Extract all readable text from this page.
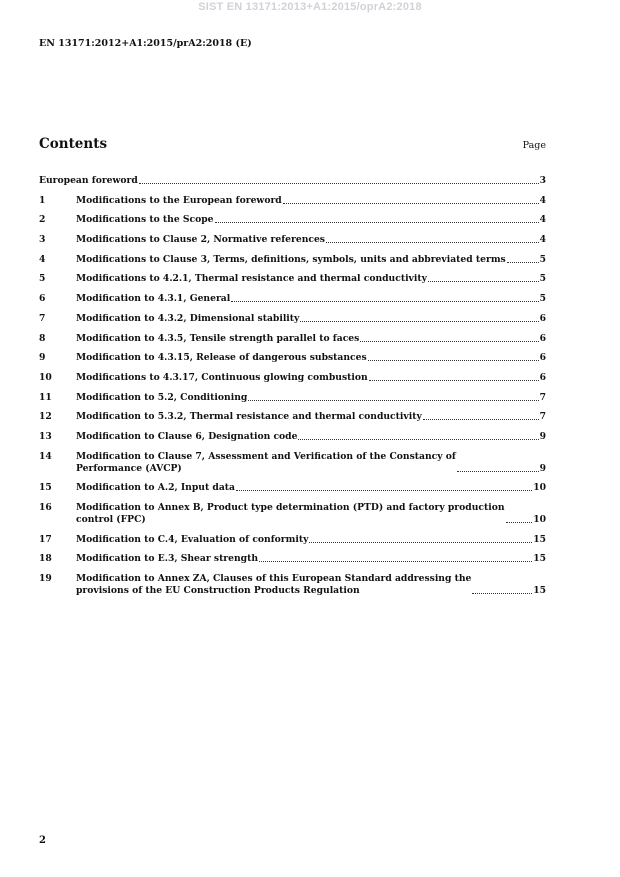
SIST EN 13171:2013+A1:2015/oprA2:2018
EN 13171:2012+A1:2015/prA2:2018 (E)
Contents	Page
European foreword	3
1	Modifications to the European foreword	4
2	Modifications to the Scope	4
3	Modifications to Clause 2, Normative references	4
4	Modifications to Clause 3, Terms, definitions, symbols, units and abbreviated terms	5
5	Modifications to 4.2.1, Thermal resistance and thermal conductivity	5
6	Modification to 4.3.1, General	5
7	Modification to 4.3.2, Dimensional stability	6
8	Modification to 4.3.5, Tensile strength parallel to faces	6
9	Modification to 4.3.15, Release of dangerous substances	6
10	Modifications to 4.3.17, Continuous glowing combustion	6
11	Modification to 5.2, Conditioning	7
12	Modification to 5.3.2, Thermal resistance and thermal conductivity	7
13	Modification to Clause 6, Designation code	9
14	Modification to Clause 7, Assessment and Verification of the Constancy of
Performance (AVCP)	9
15	Modification to A.2, Input data	10
16	Modification to Annex B, Product type determination (PTD) and factory production
control (FPC)	10
17	Modification to C.4, Evaluation of conformity	15
18	Modification to E.3, Shear strength	15
19	Modification to Annex ZA, Clauses of this European Standard addressing the
provisions of the EU Construction Products Regulation	15
2
